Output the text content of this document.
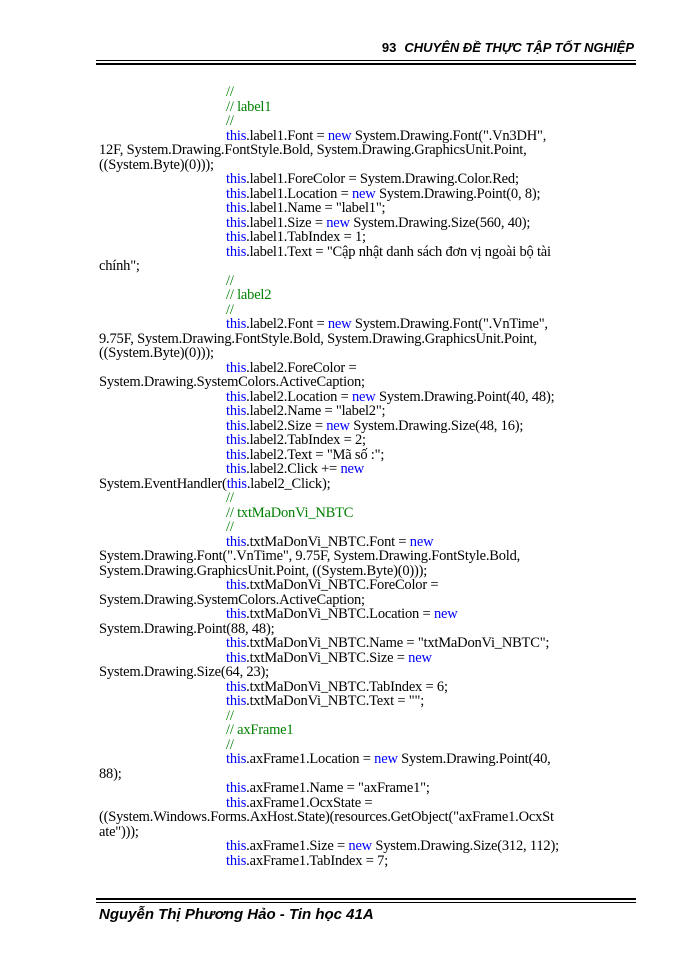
93 CHUYÊN ĐỀ THỰC TẬP TỐT NGHIỆP
//
// label1
//
this.label1.Font = new System.Drawing.Font(".Vn3DH",
12F, System.Drawing.FontStyle.Bold, System.Drawing.GraphicsUnit.Point,
((System.Byte)(0)));
this.label1.ForeColor = System.Drawing.Color.Red;
this.label1.Location = new System.Drawing.Point(0, 8);
this.label1.Name = "label1";
this.label1.Size = new System.Drawing.Size(560, 40);
this.label1.TabIndex = 1;
this.label1.Text = "Cập nhật danh sách đơn vị ngoài bộ tài
chính";
//
// label2
//
this.label2.Font = new System.Drawing.Font(".VnTime",
9.75F, System.Drawing.FontStyle.Bold, System.Drawing.GraphicsUnit.Point,
((System.Byte)(0)));
this.label2.ForeColor =
System.Drawing.SystemColors.ActiveCaption;
this.label2.Location = new System.Drawing.Point(40, 48);
this.label2.Name = "label2";
this.label2.Size = new System.Drawing.Size(48, 16);
this.label2.TabIndex = 2;
this.label2.Text = "Mã số :";
this.label2.Click += new
System.EventHandler(this.label2_Click);
//
// txtMaDonVi_NBTC
//
this.txtMaDonVi_NBTC.Font = new
System.Drawing.Font(".VnTime", 9.75F, System.Drawing.FontStyle.Bold,
System.Drawing.GraphicsUnit.Point, ((System.Byte)(0)));
this.txtMaDonVi_NBTC.ForeColor =
System.Drawing.SystemColors.ActiveCaption;
this.txtMaDonVi_NBTC.Location = new
System.Drawing.Point(88, 48);
this.txtMaDonVi_NBTC.Name = "txtMaDonVi_NBTC";
this.txtMaDonVi_NBTC.Size = new
System.Drawing.Size(64, 23);
this.txtMaDonVi_NBTC.TabIndex = 6;
this.txtMaDonVi_NBTC.Text = "";
//
// axFrame1
//
this.axFrame1.Location = new System.Drawing.Point(40,
88);
this.axFrame1.Name = "axFrame1";
this.axFrame1.OcxState =
((System.Windows.Forms.AxHost.State)(resources.GetObject("axFrame1.OcxSt
ate")));
this.axFrame1.Size = new System.Drawing.Size(312, 112);
this.axFrame1.TabIndex = 7;
Nguyễn Thị Phương Hảo - Tin học 41A
